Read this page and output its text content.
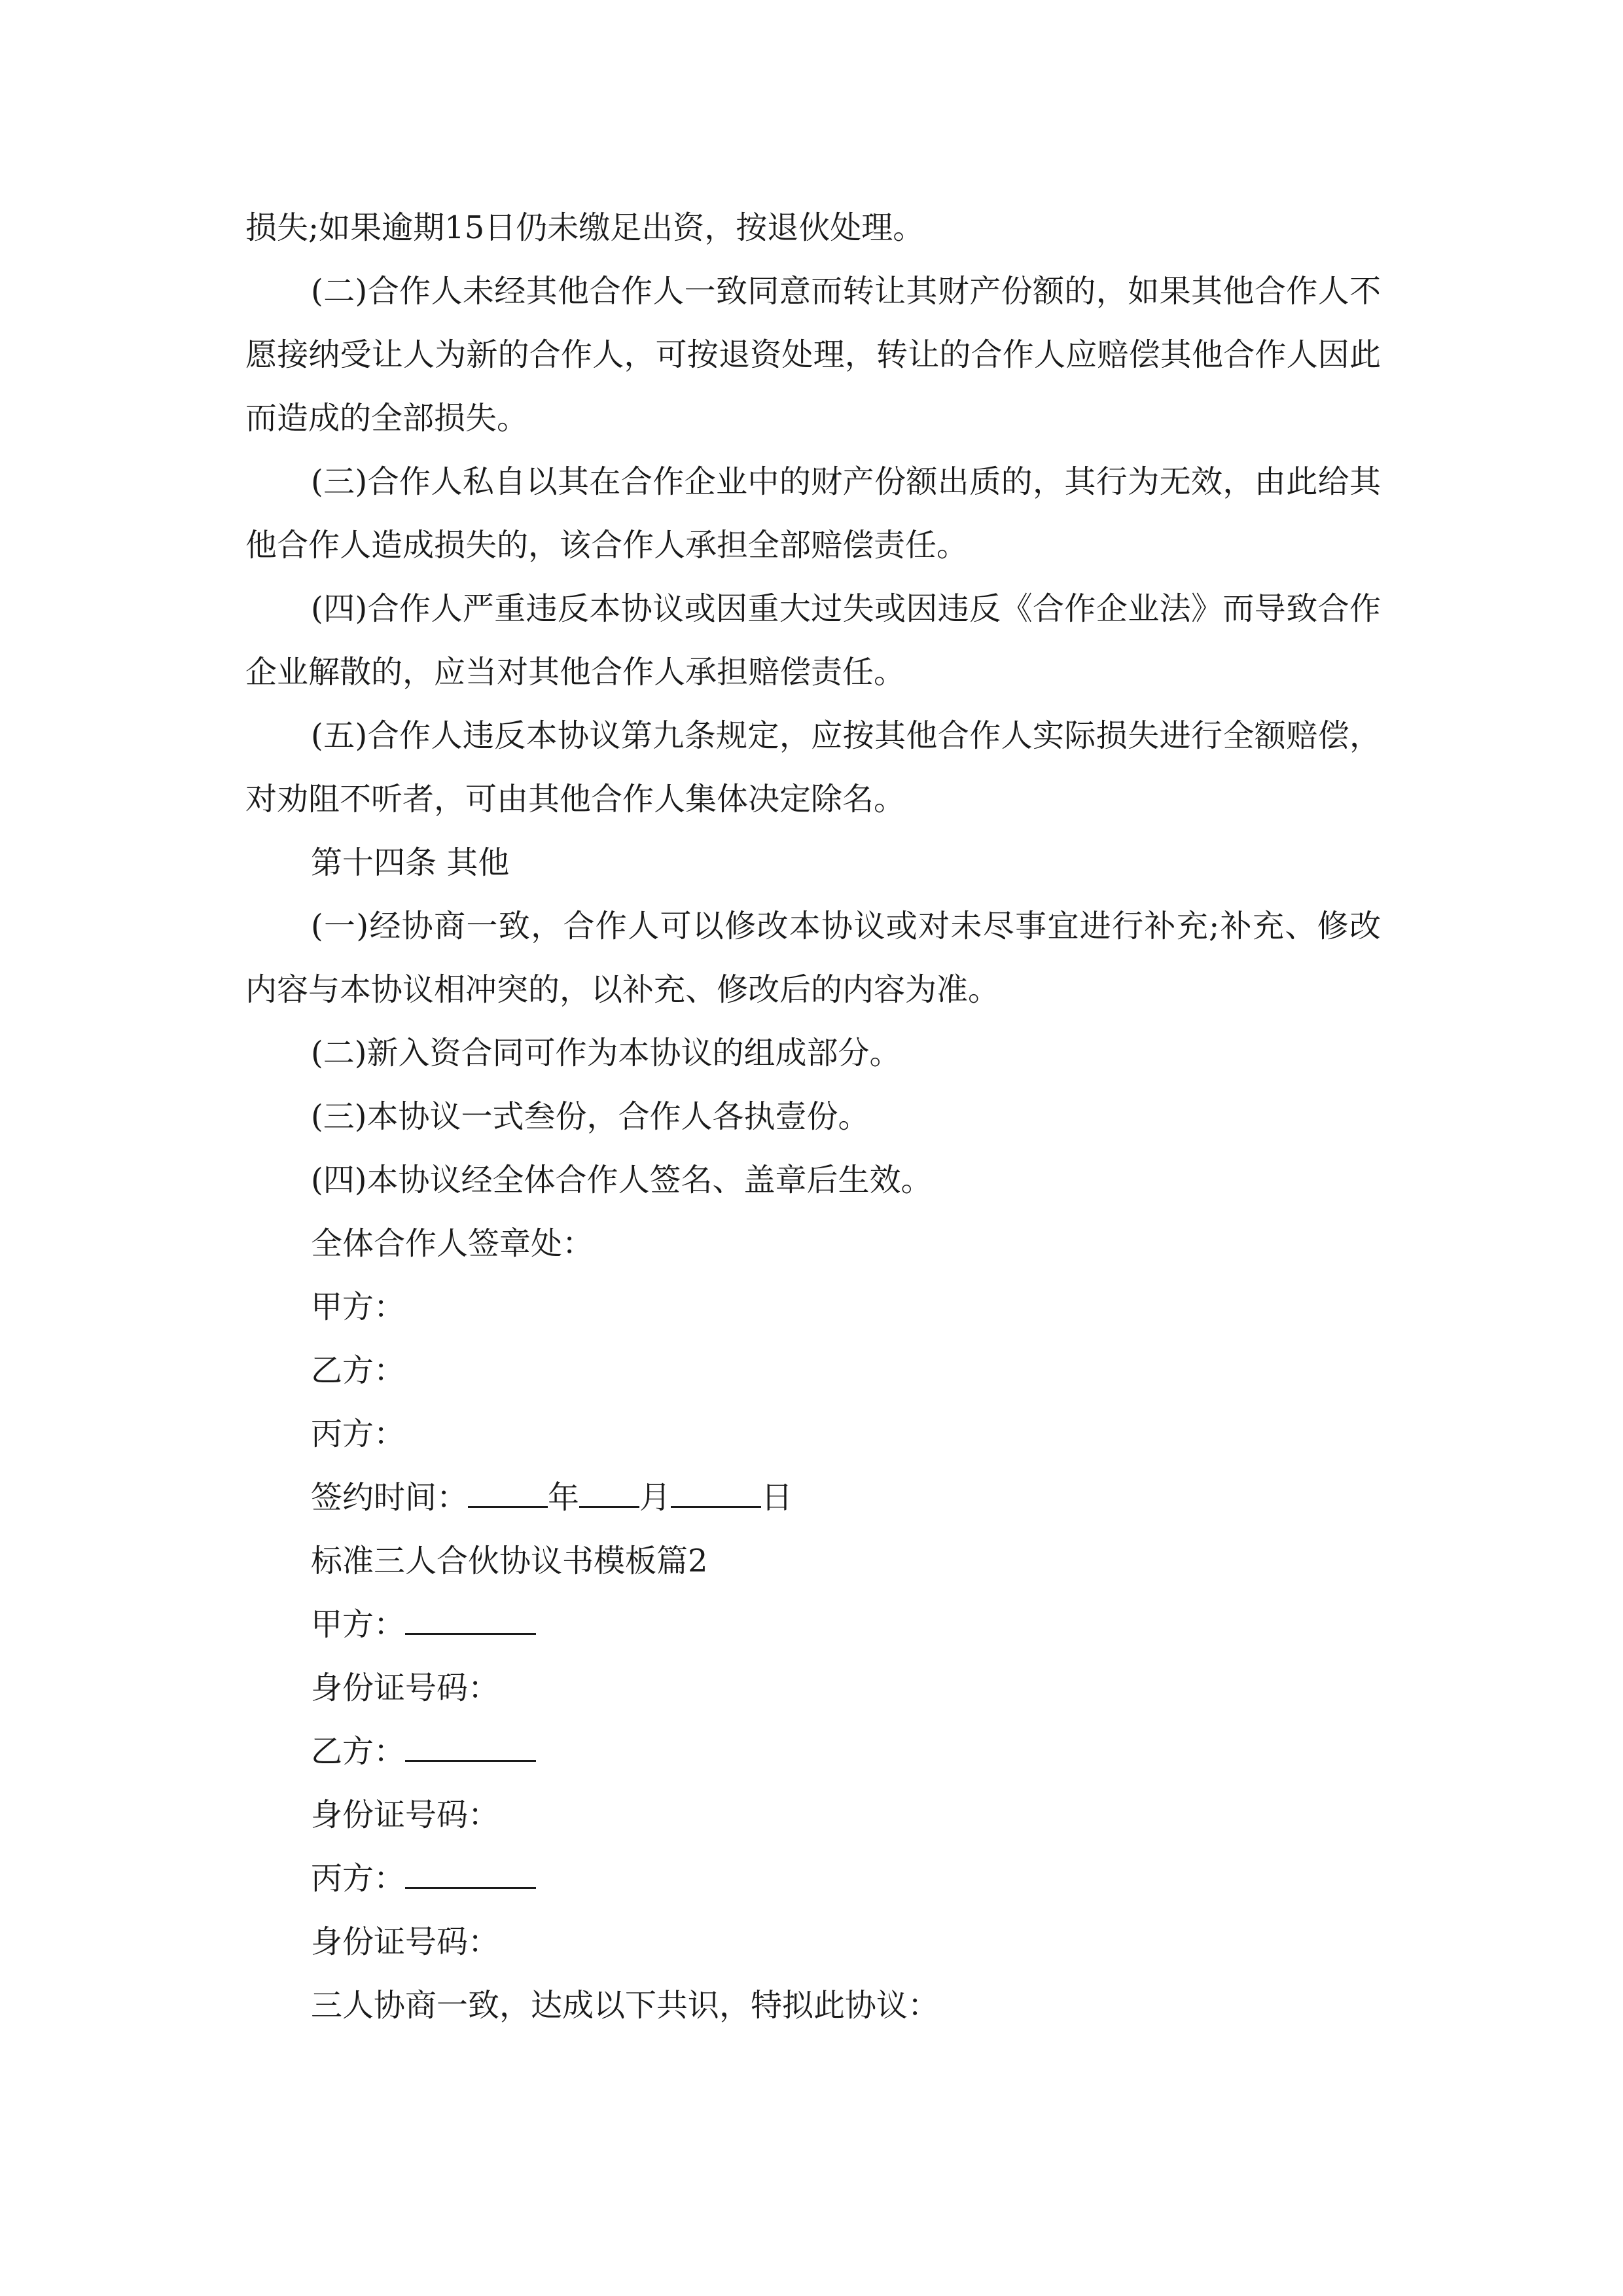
损失;如果逾期15日仍未缴足出资，按退伙处理。

(二)合作人未经其他合作人一致同意而转让其财产份额的，如果其他合作人不愿接纳受让人为新的合作人，可按退资处理，转让的合作人应赔偿其他合作人因此而造成的全部损失。

(三)合作人私自以其在合作企业中的财产份额出质的，其行为无效，由此给其他合作人造成损失的，该合作人承担全部赔偿责任。

(四)合作人严重违反本协议或因重大过失或因违反《合作企业法》而导致合作企业解散的，应当对其他合作人承担赔偿责任。

(五)合作人违反本协议第九条规定，应按其他合作人实际损失进行全额赔偿，对劝阻不听者，可由其他合作人集体决定除名。

第十四条 其他

(一)经协商一致，合作人可以修改本协议或对未尽事宜进行补充;补充、修改内容与本协议相冲突的，以补充、修改后的内容为准。

(二)新入资合同可作为本协议的组成部分。

(三)本协议一式叁份，合作人各执壹份。

(四)本协议经全体合作人签名、盖章后生效。

全体合作人签章处：

甲方：

乙方：

丙方：

签约时间：	年 月	日

标准三人合伙协议书模板篇2

甲方：

身份证号码：

乙方：

身份证号码：

丙方：

身份证号码：

三人协商一致，达成以下共识，特拟此协议：
